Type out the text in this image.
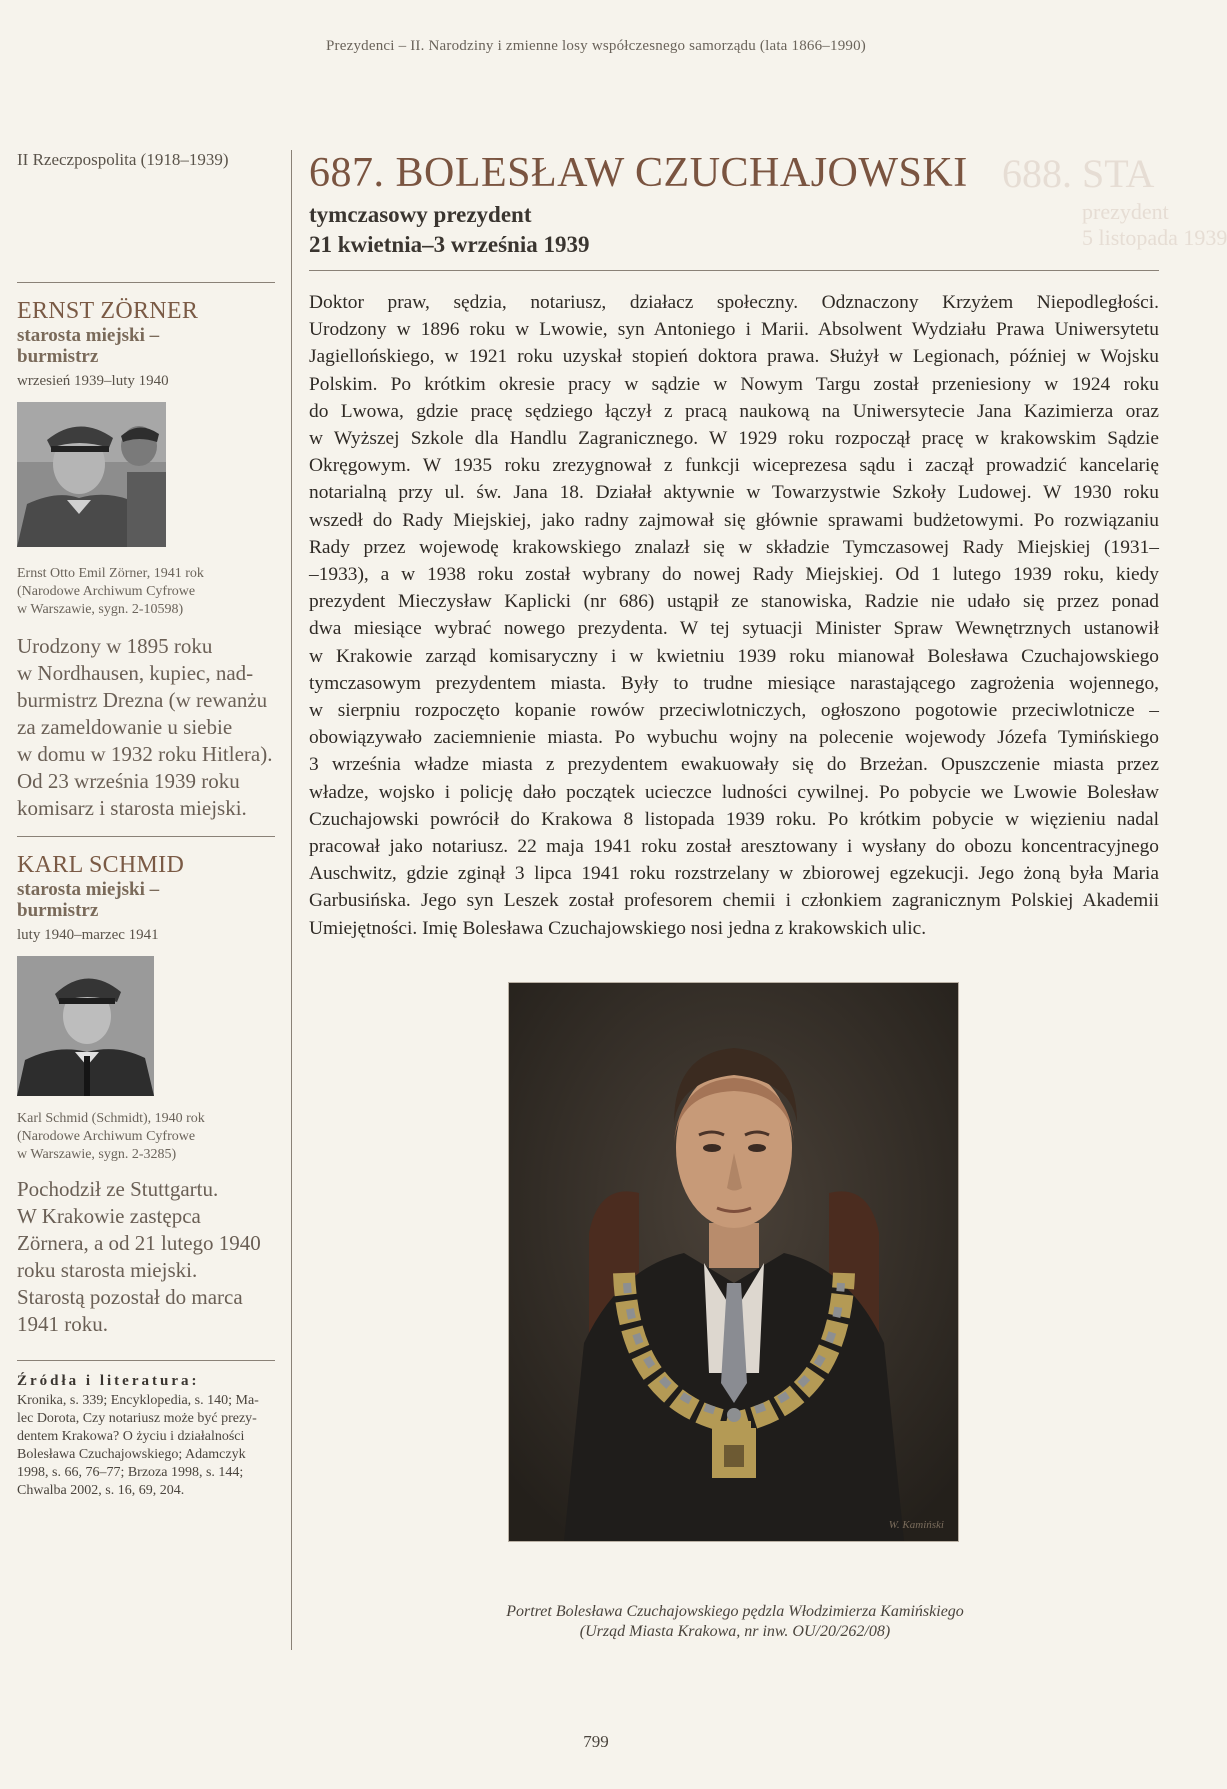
Prezydenci – II. Narodziny i zmienne losy współczesnego samorządu (lata 1866–1990)
688. STA
prezydent
5 listopada 1939
II Rzeczpospolita (1918–1939)
ERNST ZÖRNER
starosta miejski –
burmistrz
wrzesień 1939–luty 1940
Ernst Otto Emil Zörner, 1941 rok
(Narodowe Archiwum Cyfrowe
w Warszawie, sygn. 2-10598)
Urodzony w 1895 roku
w Nordhausen, kupiec, nad-
burmistrz Drezna (w rewanżu
za zameldowanie u siebie
w domu w 1932 roku Hitlera).
Od 23 września 1939 roku
komisarz i starosta miejski.
KARL SCHMID
starosta miejski –
burmistrz
luty 1940–marzec 1941
Karl Schmid (Schmidt), 1940 rok
(Narodowe Archiwum Cyfrowe
w Warszawie, sygn. 2-3285)
Pochodził ze Stuttgartu.
W Krakowie zastępca
Zörnera, a od 21 lutego 1940
roku starosta miejski.
Starostą pozostał do marca
1941 roku.
Źródła i literatura:
Kronika, s. 339; Encyklopedia, s. 140; Ma-
lec Dorota, Czy notariusz może być prezy-
dentem Krakowa? O życiu i działalności
Bolesława Czuchajowskiego; Adamczyk
1998, s. 66, 76–77; Brzoza 1998, s. 144;
Chwalba 2002, s. 16, 69, 204.
687. BOLESŁAW CZUCHAJOWSKI
tymczasowy prezydent
21 kwietnia–3 września 1939
Doktor praw, sędzia, notariusz, działacz społeczny. Odznaczony Krzyżem Niepodległości.
Urodzony w 1896 roku w Lwowie, syn Antoniego i Marii. Absolwent Wydziału Prawa Uniwersytetu
Jagiellońskiego, w 1921 roku uzyskał stopień doktora prawa. Służył w Legionach, później w Wojsku
Polskim. Po krótkim okresie pracy w sądzie w Nowym Targu został przeniesiony w 1924 roku
do Lwowa, gdzie pracę sędziego łączył z pracą naukową na Uniwersytecie Jana Kazimierza oraz
w Wyższej Szkole dla Handlu Zagranicznego. W 1929 roku rozpoczął pracę w krakowskim Sądzie
Okręgowym. W 1935 roku zrezygnował z funkcji wiceprezesa sądu i zaczął prowadzić kancelarię
notarialną przy ul. św. Jana 18. Działał aktywnie w Towarzystwie Szkoły Ludowej. W 1930 roku
wszedł do Rady Miejskiej, jako radny zajmował się głównie sprawami budżetowymi. Po rozwiązaniu
Rady przez wojewodę krakowskiego znalazł się w składzie Tymczasowej Rady Miejskiej (1931–
–1933), a w 1938 roku został wybrany do nowej Rady Miejskiej. Od 1 lutego 1939 roku, kiedy
prezydent Mieczysław Kaplicki (nr 686) ustąpił ze stanowiska, Radzie nie udało się przez ponad
dwa miesiące wybrać nowego prezydenta. W tej sytuacji Minister Spraw Wewnętrznych ustanowił
w Krakowie zarząd komisaryczny i w kwietniu 1939 roku mianował Bolesława Czuchajowskiego
tymczasowym prezydentem miasta. Były to trudne miesiące narastającego zagrożenia wojennego,
w sierpniu rozpoczęto kopanie rowów przeciwlotniczych, ogłoszono pogotowie przeciwlotnicze –
obowiązywało zaciemnienie miasta. Po wybuchu wojny na polecenie wojewody Józefa Tymińskiego
3 września władze miasta z prezydentem ewakuowały się do Brzeżan. Opuszczenie miasta przez
władze, wojsko i policję dało początek ucieczce ludności cywilnej. Po pobycie we Lwowie Bolesław
Czuchajowski powrócił do Krakowa 8 listopada 1939 roku. Po krótkim pobycie w więzieniu nadal
pracował jako notariusz. 22 maja 1941 roku został aresztowany i wysłany do obozu koncentracyjnego
Auschwitz, gdzie zginął 3 lipca 1941 roku rozstrzelany w zbiorowej egzekucji. Jego żoną była Maria
Garbusińska. Jego syn Leszek został profesorem chemii i członkiem zagranicznym Polskiej Akademii
Umiejętności. Imię Bolesława Czuchajowskiego nosi jedna z krakowskich ulic.
W. Kamiński
Portret Bolesława Czuchajowskiego pędzla Włodzimierza Kamińskiego
(Urząd Miasta Krakowa, nr inw. OU/20/262/08)
799
